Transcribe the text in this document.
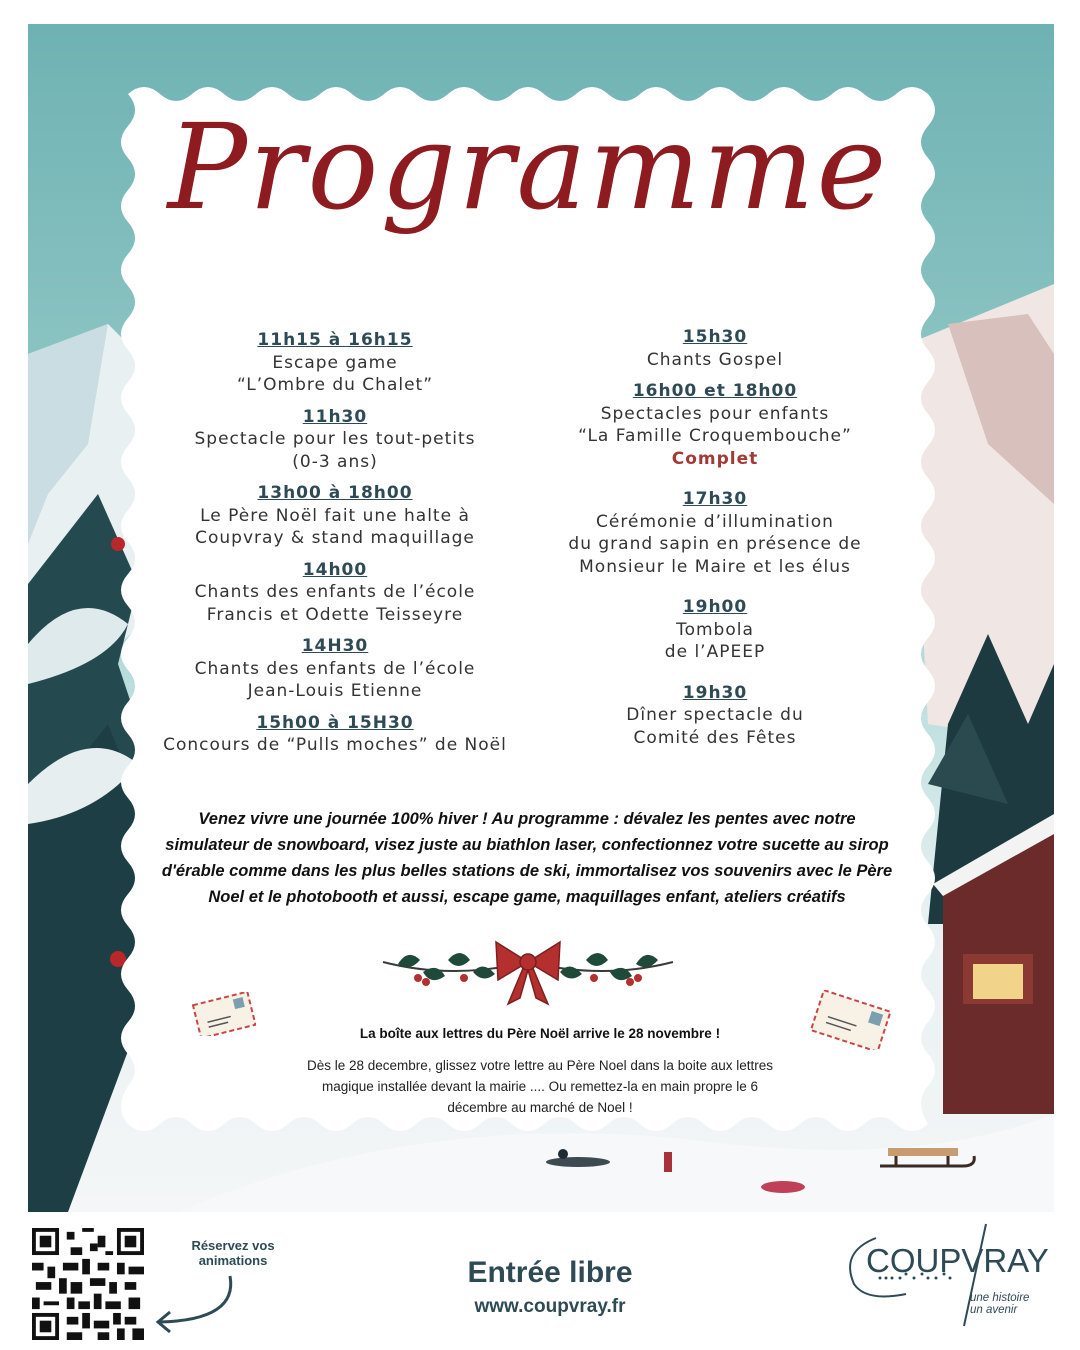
Programme
11h15 à 16h15
Escape game
“L’Ombre du Chalet”
11h30
Spectacle pour les tout-petits
(0-3 ans)
13h00 à 18h00
Le Père Noël fait une halte à
Coupvray & stand maquillage
14h00
Chants des enfants de l’école
Francis et Odette Teisseyre
14H30
Chants des enfants de l’école
Jean-Louis Etienne
15h00 à 15H30
Concours de “Pulls moches” de Noël
15h30
Chants Gospel
16h00 et 18h00
Spectacles pour enfants
“La Famille Croquembouche”
Complet
17h30
Cérémonie d’illumination
du grand sapin en présence de
Monsieur le Maire et les élus
19h00
Tombola
de l’APEEP
19h30
Dîner spectacle du
Comité des Fêtes
Venez vivre une journée 100% hiver ! Au programme : dévalez les pentes avec notre
simulateur de snowboard, visez juste au biathlon laser, confectionnez votre sucette au sirop
d'érable comme dans les plus belles stations de ski, immortalisez vos souvenirs avec le Père
Noel et le photobooth et aussi, escape game, maquillages enfant, ateliers créatifs
La boîte aux lettres du Père Noël arrive le 28 novembre !
Dès le 28 decembre, glissez votre lettre au Père Noel dans la boite aux lettres
magique installée devant la mairie .... Ou remettez-la en main propre le 6
décembre au marché de Noel !
Réservez vos
animations	Entrée libre
www.coupvray.fr
COUPVRAY
une histoire
un avenir
